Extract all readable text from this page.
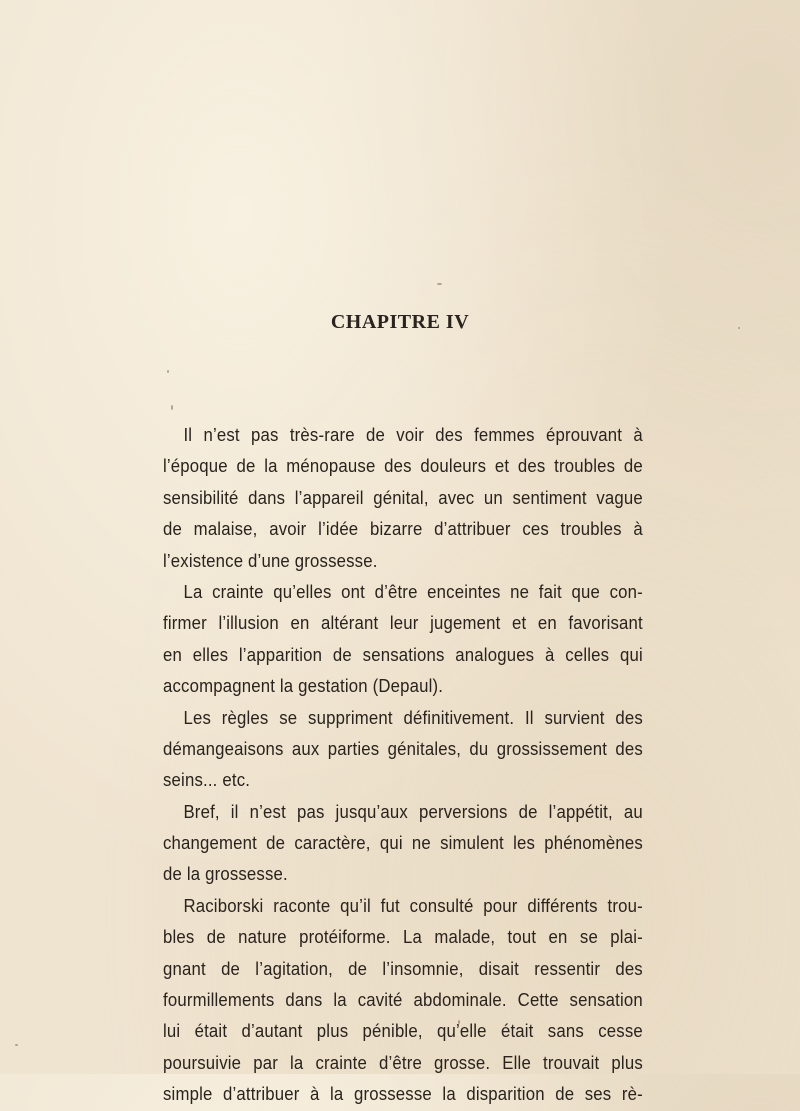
CHAPITRE IV
Il n’est pas très-rare de voir des femmes éprouvant à
l’époque de la ménopause des douleurs et des troubles de
sensibilité dans l’appareil génital, avec un sentiment vague
de malaise, avoir l’idée bizarre d’attribuer ces troubles à
l’existence d’une grossesse.
La crainte qu’elles ont d’être enceintes ne fait que con-
firmer l’illusion en altérant leur jugement et en favorisant
en elles l’apparition de sensations analogues à celles qui
accompagnent la gestation (Depaul).
Les règles se suppriment définitivement. Il survient des
démangeaisons aux parties génitales, du grossissement des
seins... etc.
Bref, il n’est pas jusqu’aux perversions de l’appétit, au
changement de caractère, qui ne simulent les phénomènes
de la grossesse.
Raciborski raconte qu’il fut consulté pour différents trou-
bles de nature protéiforme. La malade, tout en se plai-
gnant de l’agitation, de l’insomnie, disait ressentir des
fourmillements dans la cavité abdominale. Cette sensation
lui était d’autant plus pénible, qu’elle était sans cesse
poursuivie par la crainte d’être grosse. Elle trouvait plus
simple d’attribuer à la grossesse la disparition de ses rè-
